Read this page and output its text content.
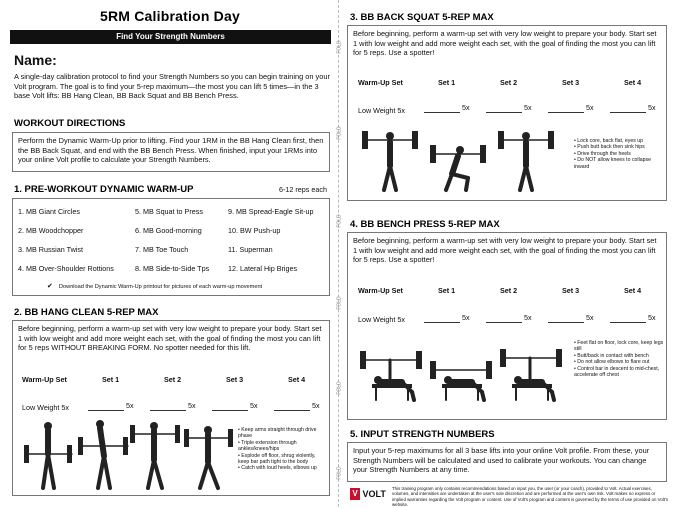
5RM Calibration Day
Find Your Strength Numbers
Name:
A single-day calibration protocol to find your Strength Numbers so you can begin training on your Volt program. The goal is to find your 5-rep maximum—the most you can lift 5 times—in the 3 base Volt lifts: BB Hang Clean, BB Back Squat and BB Bench Press.
WORKOUT DIRECTIONS
Perform the Dynamic Warm-Up prior to lifting. Find your 1RM in the BB Hang Clean first, then the BB Back Squat, and end with the BB Bench Press. When finished, input your 1RMs into your online Volt profile to calculate your Strength Numbers.
1. PRE-WORKOUT DYNAMIC WARM-UP	6-12 reps each
1. MB Giant Circles	5. MB Squat to Press	9. MB Spread-Eagle Sit-up
2. MB Woodchopper	6. MB Good-morning	10. BW Push-up
3. MB Russian Twist	7. MB Toe Touch	11. Superman
4. MB Over-Shoulder Rottions	8. MB Side-to-Side Tps	12. Lateral Hip Briges
✔ Download the Dynamic Warm-Up printout for pictures of each warm-up movement
2. BB HANG CLEAN 5-REP MAX
Before beginning, perform a warm-up set with very low weight to prepare your body. Start set 1 with low weight and add more weight each set, with the goal of finding the most you can lift for 5 reps WITHOUT BREAKING FORM. No spotter needed for this lift.
Warm-Up Set	Set 1	Set 2	Set 3	Set 4
Low Weight 5x	5x	5x	5x	5x
• Keep arms straight through drive phase
• Triple extension through ankles/knees/hips
• Explode off floor, shrug violently, keep bar path tight to the body
• Catch with loud heels, elbows up
FOLD
FOLD
FOLD
FOLD
FOLD
FOLD
3. BB BACK SQUAT 5-REP MAX
Before beginning, perform a warm-up set with very low weight to prepare your body. Start set 1 with low weight and add more weight each set, with the goal of finding the most you can lift for 5 reps. Use a spotter!
Warm-Up Set	Set 1	Set 2	Set 3	Set 4
Low Weight 5x	5x	5x	5x	5x
• Lock core, back flat, eyes up
• Push butt back then sink hips
• Drive through the heels
• Do NOT allow knees to collapse inward
4. BB BENCH PRESS 5-REP MAX
Before beginning, perform a warm-up set with very low weight to prepare your body. Start set 1 with low weight and add more weight each set, with the goal of finding the most you can lift for 5 reps. Use a spotter!
Warm-Up Set	Set 1	Set 2	Set 3	Set 4
Low Weight 5x	5x	5x	5x	5x
• Feet flat on floor, lock core, keep legs still
• Butt/back in contact with bench
• Do not allow elbows to flare out
• Control bar in descent to mid-chest, accelerate off chest
5. INPUT STRENGTH NUMBERS
Input your 5-rep maximums for all 3 base lifts into your online Volt profile. From these, your Strength Numbers will be calculated and used to calibrate your workouts. You can change your Strength Numbers at any time.
V VOLT
This training program only contains recommendations based on input you, the user (or your coach), provided to Volt. Actual exercises, volumes, and intensities are undertaken at the user's sole discretion and are performed at the user's own risk. Volt makes no express or implied warranties regarding the Volt program or content. Use of Volt's program and content is governed by the terms of use provided on Volt's website.
